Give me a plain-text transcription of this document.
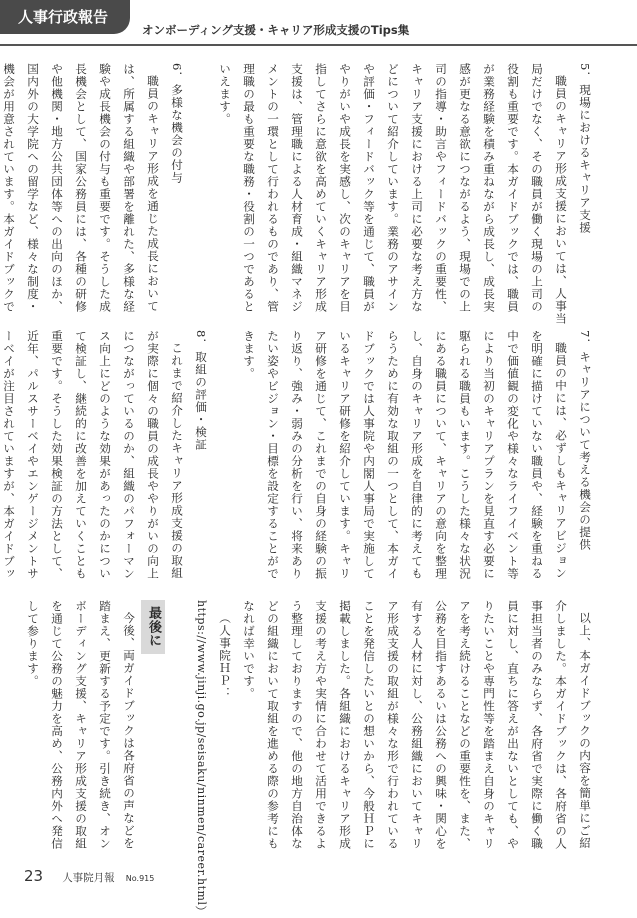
人事行政報告
オンボーディング支援・キャリア形成支援のTips集

5．現場におけるキャリア支援

職員のキャリア形成支援においては、人事当局だけでなく、その職員が働く現場の上司の役割も重要です。本ガイドブックでは、職員が業務経験を積み重ねながら成長し、成長実感が更なる意欲につながるよう、現場での上司の指導・助言やフィードバックの重要性、キャリア支援における上司に必要な考え方などについて紹介しています。業務のアサインや評価・フィードバック等を通じて、職員がやりがいや成長を実感し、次のキャリアを目指してさらに意欲を高めていくキャリア形成支援は、管理職による人材育成・組織マネジメントの一環として行われるものであり、管理職の最も重要な職務・役割の一つであるといえます。

6．多様な機会の付与

職員のキャリア形成を通じた成長においては、所属する組織や部署を離れた、多様な経験や成長機会の付与も重要です。そうした成長機会として、国家公務員には、各種の研修や他機関・地方公共団体等への出向のほか、国内外の大学院への留学など、様々な制度・機会が用意されています。本ガイドブックで

7．キャリアについて考える機会の提供

職員の中には、必ずしもキャリアビジョンを明確に描けていない職員や、経験を重ねる中で価値観の変化や様々なライフイベント等により当初のキャリアプランを見直す必要に駆られる職員もいます。こうした様々な状況にある職員について、キャリアの意向を整理し、自身のキャリア形成を自律的に考えてもらうために有効な取組の一つとして、本ガイドブックでは人事院や内閣人事局で実施しているキャリア研修を紹介しています。キャリア研修を通じて、これまでの自身の経験の振り返り、強み・弱みの分析を行い、将来ありたい姿やビジョン・目標を設定することができます。

8．取組の評価・検証

これまで紹介したキャリア形成支援の取組が実際に個々の職員の成長ややりがいの向上につながっているのか、組織のパフォーマンス向上にどのような効果があったのかについて検証し、継続的に改善を加えていくことも重要です。そうした効果検証の方法として、近年、パルスサーベイやエンゲージメントサーベイが注目されていますが、本ガイドブッ

以上、本ガイドブックの内容を簡単にご紹介しました。本ガイドブックは、各府省の人事担当者のみならず、各府省で実際に働く職員に対し、直ちに答えが出ないとしても、やりたいことや専門性等を踏まえ自身のキャリアを考え続けることなどの重要性を、また、公務を目指すあるいは公務への興味・関心を有する人材に対し、公務組織においてキャリア形成支援の取組が様々な形で行われていることを発信したいとの想いから、今般ＨＰに掲載しました。各組織におけるキャリア形成支援の考え方や実情に合わせて活用できるよう整理しておりますので、他の地方自治体などの組織において取組を進める際の参考にもなれば幸いです。

（人事院ＨＰ：https://www.jinji.go.jp/seisaku/ninmen/career.html）

最後に

今後、両ガイドブックは各府省の声などを踏まえ、更新する予定です。引き続き、オンボーディング支援、キャリア形成支援の取組を通じて公務の魅力を高め、公務内外へ発信して参ります。

23 人事院月報 No.915
